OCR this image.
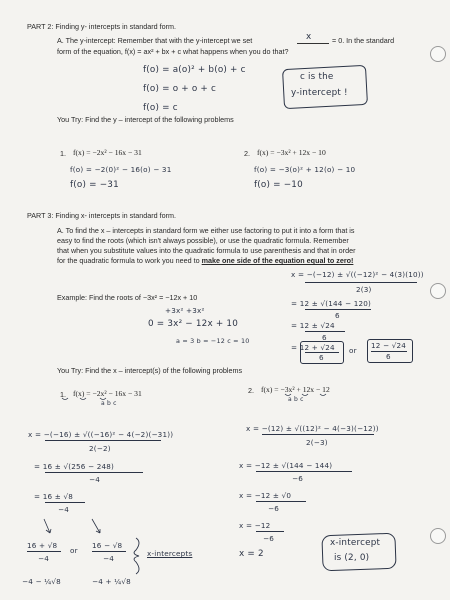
PART 2: Finding y- intercepts in standard form.
A. The y-intercept: Remember that with the y-intercept we set	x	= 0. In the standard
form of the equation, f(x) = ax² + bx + c what happens when you do that?
f(o) = a(o)² + b(o) + c
f(o) = o + o + c
f(o) = c
c is the
y-intercept !
You Try: Find the y – intercept of the following problems
1. f(x) = −2x² − 16x − 31
f(o) = −2(0)² − 16(o) − 31
f(o) = −31
2. f(x) = −3x² + 12x − 10
f(o) = −3(o)² + 12(o) − 10
f(o) = −10
PART 3: Finding x- intercepts in standard form.
A. To find the x – intercepts in standard form we either use factoring to put it into a form that is
easy to find the roots (which isn't always possible), or use the quadratic formula. Remember
that when you substitute values into the quadratic formula to use parenthesis and that in order
for the quadratic formula to work you need to make one side of the equation equal to zero!
x = −(−12) ± √((−12)² − 4(3)(10))
2(3)
Example: Find the roots of −3x² = −12x + 10
+3x² +3x²
0 = 3x² − 12x + 10
a = 3 b = −12 c = 10
= 12 ± √(144 − 120)
6
= 12 ± √24
6
= 12 + √24
6
or
12 − √24
6
You Try: Find the x – intercept(s) of the following problems
1. f(x) = −2x² − 16x − 31
a b c
x = −(−16) ± √((−16)² − 4(−2)(−31))
2(−2)
= 16 ± √(256 − 248)
−4
= 16 ± √8
−4
16 + √8
−4
or
16 − √8
−4
x-intercepts
−4 − ¼√8	−4 + ¼√8
2. f(x) = −3x² + 12x − 12
a b c
x = −(12) ± √((12)² − 4(−3)(−12))
2(−3)
x = −12 ± √(144 − 144)
−6
x = −12 ± √0
−6
x = −12
−6
x = 2
x-intercept
is (2, 0)
